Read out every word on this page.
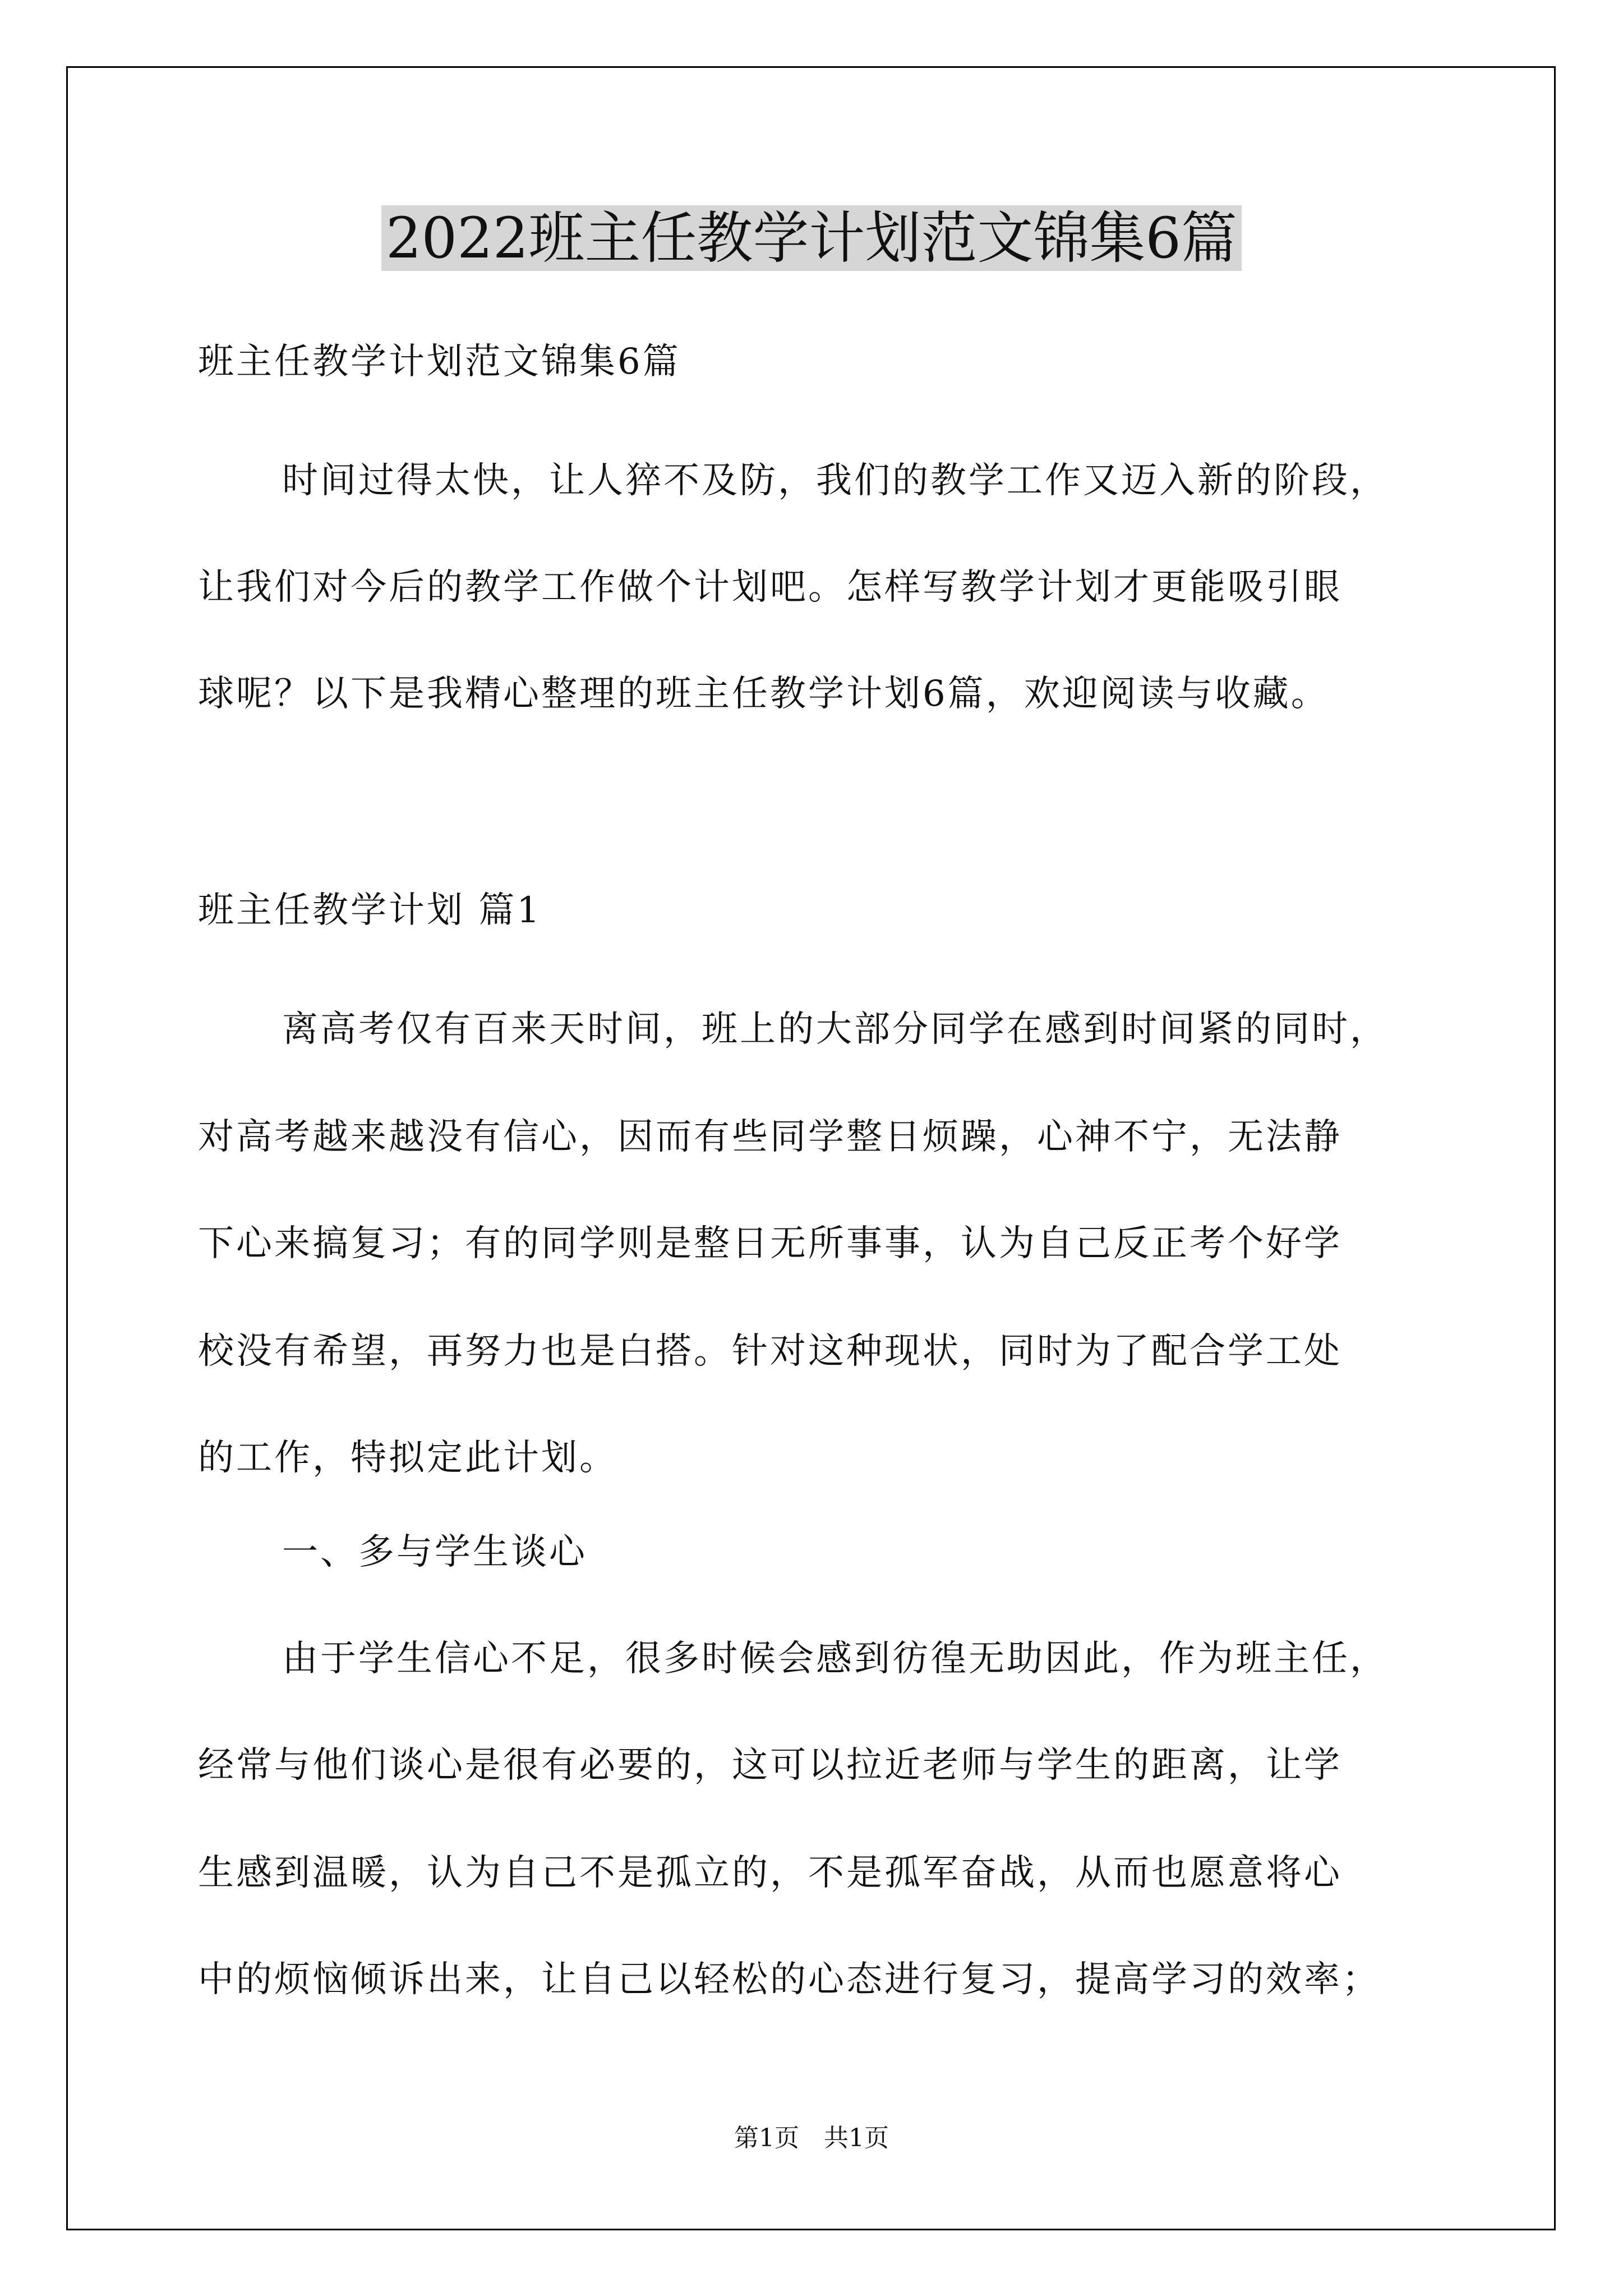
2022班主任教学计划范文锦集6篇
班主任教学计划范文锦集6篇
时间过得太快，让人猝不及防，我们的教学工作又迈入新的阶段，
让我们对今后的教学工作做个计划吧。怎样写教学计划才更能吸引眼
球呢？以下是我精心整理的班主任教学计划6篇，欢迎阅读与收藏。
班主任教学计划 篇1
离高考仅有百来天时间，班上的大部分同学在感到时间紧的同时，
对高考越来越没有信心，因而有些同学整日烦躁，心神不宁，无法静
下心来搞复习；有的同学则是整日无所事事，认为自己反正考个好学
校没有希望，再努力也是白搭。针对这种现状，同时为了配合学工处
的工作，特拟定此计划。
一、多与学生谈心
由于学生信心不足，很多时候会感到彷徨无助因此，作为班主任，
经常与他们谈心是很有必要的，这可以拉近老师与学生的距离，让学
生感到温暖，认为自己不是孤立的，不是孤军奋战，从而也愿意将心
中的烦恼倾诉出来，让自己以轻松的心态进行复习，提高学习的效率；
第1页　共1页
